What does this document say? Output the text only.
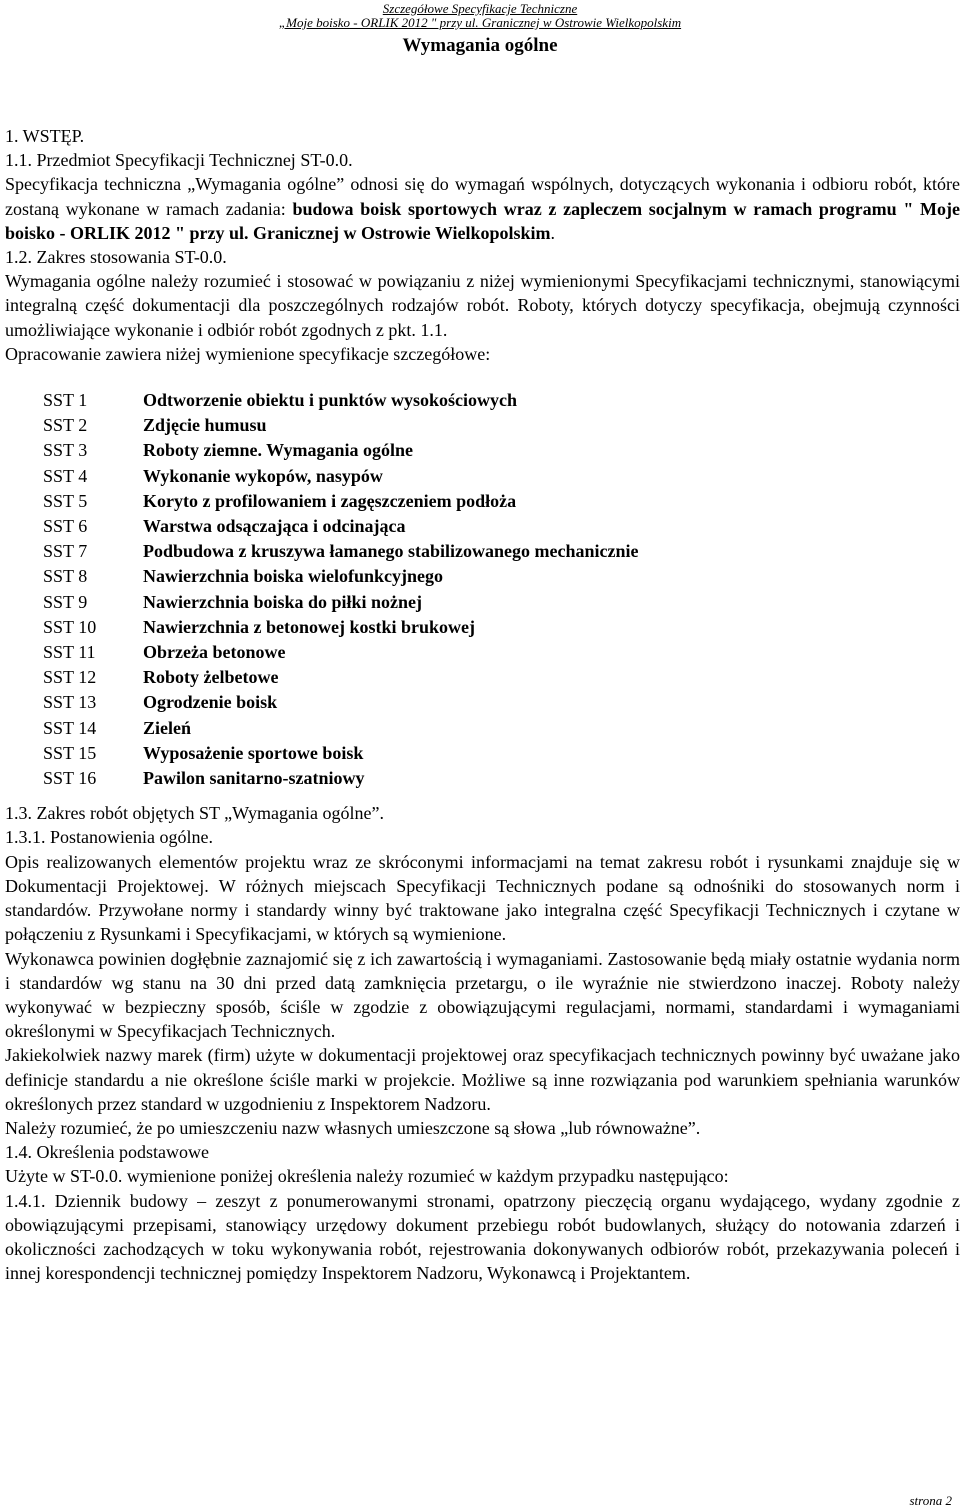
Szczegółowe Specyfikacje Techniczne
„Moje boisko - ORLIK 2012 " przy ul. Granicznej w Ostrowie Wielkopolskim
Wymagania ogólne

1. WSTĘP.

1.1. Przedmiot Specyfikacji Technicznej ST-0.0.

Specyfikacja techniczna „Wymagania ogólne” odnosi się do wymagań wspólnych, dotyczących wykonania i odbioru robót, które zostaną wykonane w ramach zadania: budowa boisk sportowych wraz z zapleczem socjalnym w ramach programu " Moje boisko - ORLIK 2012 " przy ul. Granicznej w Ostrowie Wielkopolskim.

1.2. Zakres stosowania ST-0.0.

Wymagania ogólne należy rozumieć i stosować w powiązaniu z niżej wymienionymi Specyfikacjami technicznymi, stanowiącymi integralną część dokumentacji dla poszczególnych rodzajów robót. Roboty, których dotyczy specyfikacja, obejmują czynności umożliwiające wykonanie i odbiór robót zgodnych z pkt. 1.1.

Opracowanie zawiera niżej wymienione specyfikacje szczegółowe:

SST 1	Odtworzenie obiektu i punktów wysokościowych
SST 2	Zdjęcie humusu
SST 3	Roboty ziemne. Wymagania ogólne
SST 4	Wykonanie wykopów, nasypów
SST 5	Koryto z profilowaniem i zagęszczeniem podłoża
SST 6	Warstwa odsączająca i odcinająca
SST 7	Podbudowa z kruszywa łamanego stabilizowanego mechanicznie
SST 8	Nawierzchnia boiska wielofunkcyjnego
SST 9	Nawierzchnia boiska do piłki nożnej
SST 10	Nawierzchnia z betonowej kostki brukowej
SST 11	Obrzeża betonowe
SST 12	Roboty żelbetowe
SST 13	Ogrodzenie boisk
SST 14	Zieleń
SST 15	Wyposażenie sportowe boisk
SST 16	Pawilon sanitarno-szatniowy

1.3. Zakres robót objętych ST „Wymagania ogólne”.

1.3.1. Postanowienia ogólne.

Opis realizowanych elementów projektu wraz ze skróconymi informacjami na temat zakresu robót i rysunkami znajduje się w Dokumentacji Projektowej. W różnych miejscach Specyfikacji Technicznych podane są odnośniki do stosowanych norm i standardów. Przywołane normy i standardy winny być traktowane jako integralna część Specyfikacji Technicznych i czytane w połączeniu z Rysunkami i Specyfikacjami, w których są wymienione.

Wykonawca powinien dogłębnie zaznajomić się z ich zawartością i wymaganiami. Zastosowanie będą miały ostatnie wydania norm i standardów wg stanu na 30 dni przed datą zamknięcia przetargu, o ile wyraźnie nie stwierdzono inaczej. Roboty należy wykonywać w bezpieczny sposób, ściśle w zgodzie z obowiązującymi regulacjami, normami, standardami i wymaganiami określonymi w Specyfikacjach Technicznych.

Jakiekolwiek nazwy marek (firm) użyte w dokumentacji projektowej oraz specyfikacjach technicznych powinny być uważane jako definicje standardu a nie określone ściśle marki w projekcie. Możliwe są inne rozwiązania pod warunkiem spełniania warunków określonych przez standard w uzgodnieniu z Inspektorem Nadzoru.

Należy rozumieć, że po umieszczeniu nazw własnych umieszczone są słowa „lub równoważne”.

1.4. Określenia podstawowe

Użyte w ST-0.0. wymienione poniżej określenia należy rozumieć w każdym przypadku następująco:

1.4.1. Dziennik budowy – zeszyt z ponumerowanymi stronami, opatrzony pieczęcią organu wydającego, wydany zgodnie z obowiązującymi przepisami, stanowiący urzędowy dokument przebiegu robót budowlanych, służący do notowania zdarzeń i okoliczności zachodzących w toku wykonywania robót, rejestrowania dokonywanych odbiorów robót, przekazywania poleceń i innej korespondencji technicznej pomiędzy Inspektorem Nadzoru, Wykonawcą i Projektantem.

strona 2
